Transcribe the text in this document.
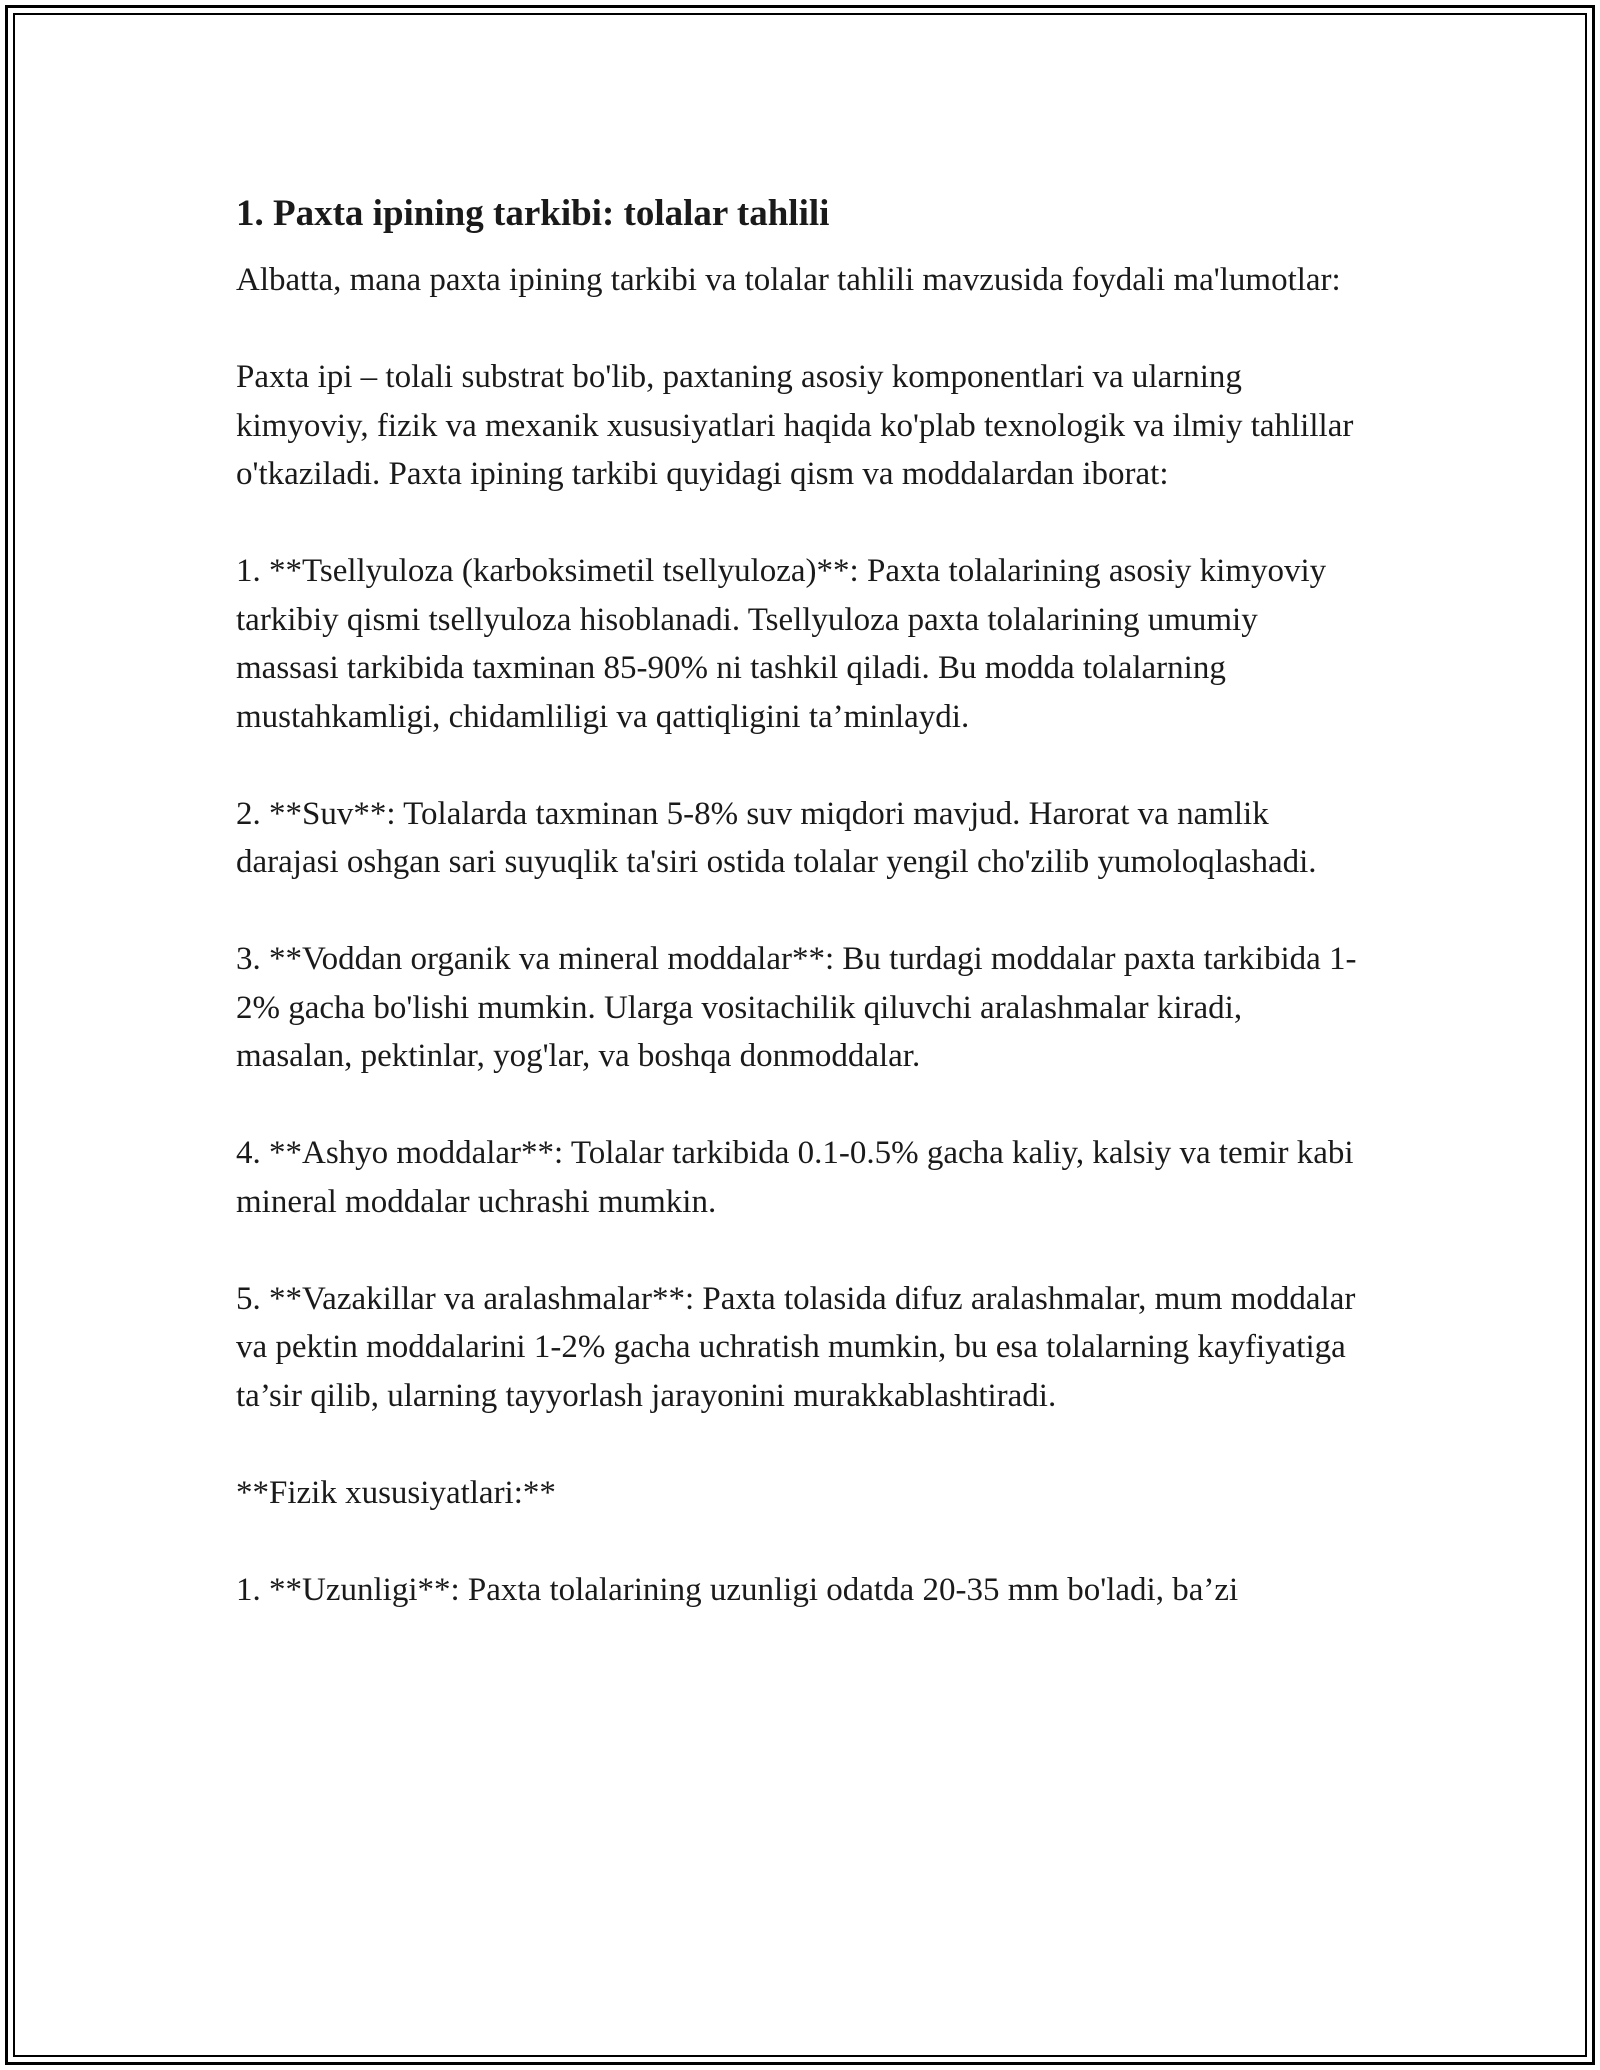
1. Paxta ipining tarkibi: tolalar tahlili

Albatta, mana paxta ipining tarkibi va tolalar tahlili mavzusida foydali ma'lumotlar:

Paxta ipi – tolali substrat bo'lib, paxtaning asosiy komponentlari va ularning kimyoviy, fizik va mexanik xususiyatlari haqida ko'plab texnologik va ilmiy tahlillar o'tkaziladi. Paxta ipining tarkibi quyidagi qism va moddalardan iborat:

1. **Tsellyuloza (karboksimetil tsellyuloza)**: Paxta tolalarining asosiy kimyoviy tarkibiy qismi tsellyuloza hisoblanadi. Tsellyuloza paxta tolalarining umumiy massasi tarkibida taxminan 85-90% ni tashkil qiladi. Bu modda tolalarning mustahkamligi, chidamliligi va qattiqligini ta’minlaydi.

2. **Suv**: Tolalarda taxminan 5-8% suv miqdori mavjud. Harorat va namlik darajasi oshgan sari suyuqlik ta'siri ostida tolalar yengil cho'zilib yumoloqlashadi.

3. **Voddan organik va mineral moddalar**: Bu turdagi moddalar paxta tarkibida 1-2% gacha bo'lishi mumkin. Ularga vositachilik qiluvchi aralashmalar kiradi, masalan, pektinlar, yog'lar, va boshqa donmoddalar.

4. **Ashyo moddalar**: Tolalar tarkibida 0.1-0.5% gacha kaliy, kalsiy va temir kabi mineral moddalar uchrashi mumkin.

5. **Vazakillar va aralashmalar**: Paxta tolasida difuz aralashmalar, mum moddalar va pektin moddalarini 1-2% gacha uchratish mumkin, bu esa tolalarning kayfiyatiga ta’sir qilib, ularning tayyorlash jarayonini murakkablashtiradi.

**Fizik xususiyatlari:**

1. **Uzunligi**: Paxta tolalarining uzunligi odatda 20-35 mm bo'ladi, ba’zi
